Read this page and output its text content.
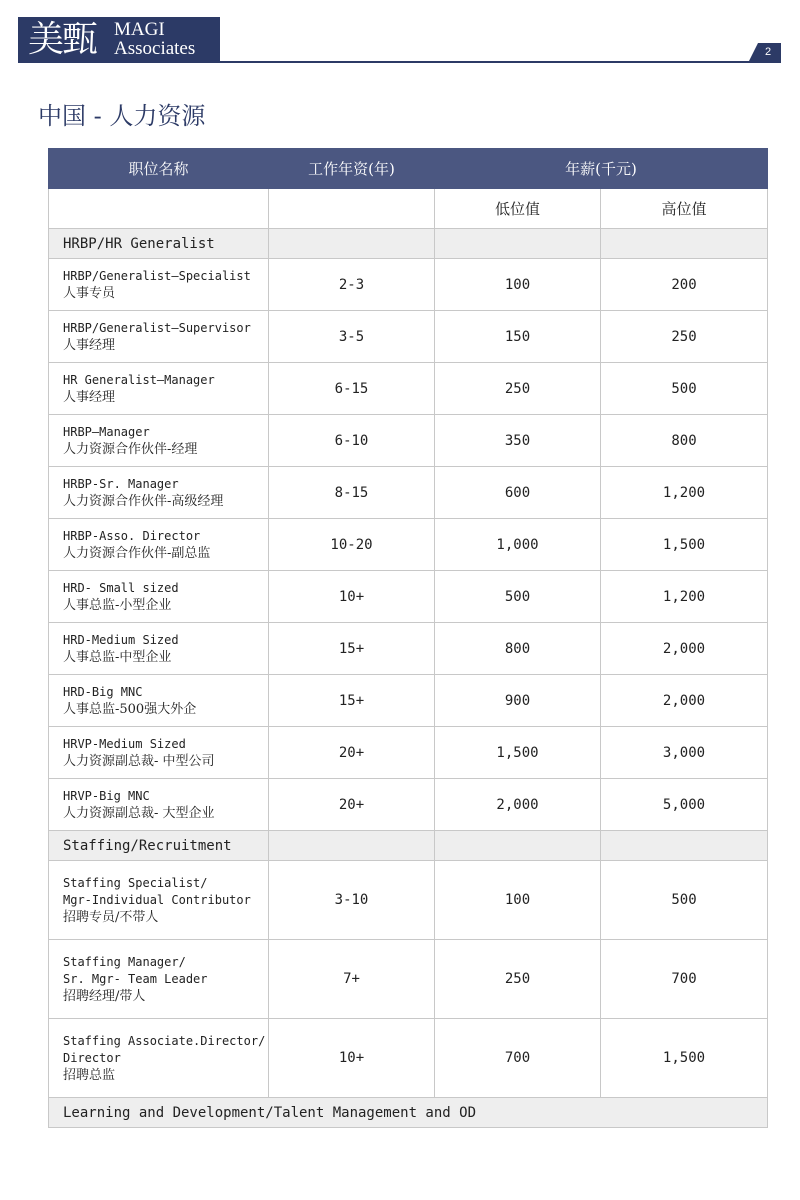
美甄 MAGI
Associates	2
中国 - 人力资源
职位名称	工作年资(年)	年薪(千元)	
		低位值	高位值
HRBP/HR Generalist			

HRBP/Generalist–Specialist
人事专员	2-3	100	200

HRBP/Generalist–Supervisor
人事经理	3-5	150	250

HR Generalist–Manager
人事经理	6-15	250	500

HRBP–Manager
人力资源合作伙伴-经理	6-10	350	800

HRBP-Sr. Manager
人力资源合作伙伴-高级经理	8-15	600	1,200

HRBP-Asso. Director
人力资源合作伙伴-副总监	10-20	1,000	1,500

HRD- Small sized
人事总监-小型企业	10+	500	1,200

HRD-Medium Sized
人事总监-中型企业	15+	800	2,000

HRD-Big MNC
人事总监-500强大外企	15+	900	2,000

HRVP-Medium Sized
人力资源副总裁- 中型公司	20+	1,500	3,000

HRVP-Big MNC
人力资源副总裁- 大型企业	20+	2,000	5,000
Staffing/Recruitment			

Staffing Specialist/
Mgr-Individual Contributor
招聘专员/不带人	3-10	100	500

Staffing Manager/
Sr. Mgr- Team Leader
招聘经理/带人	7+	250	700

Staffing Associate.Director/
Director
招聘总监	10+	700	1,500
Learning and Development/Talent Management and OD			
